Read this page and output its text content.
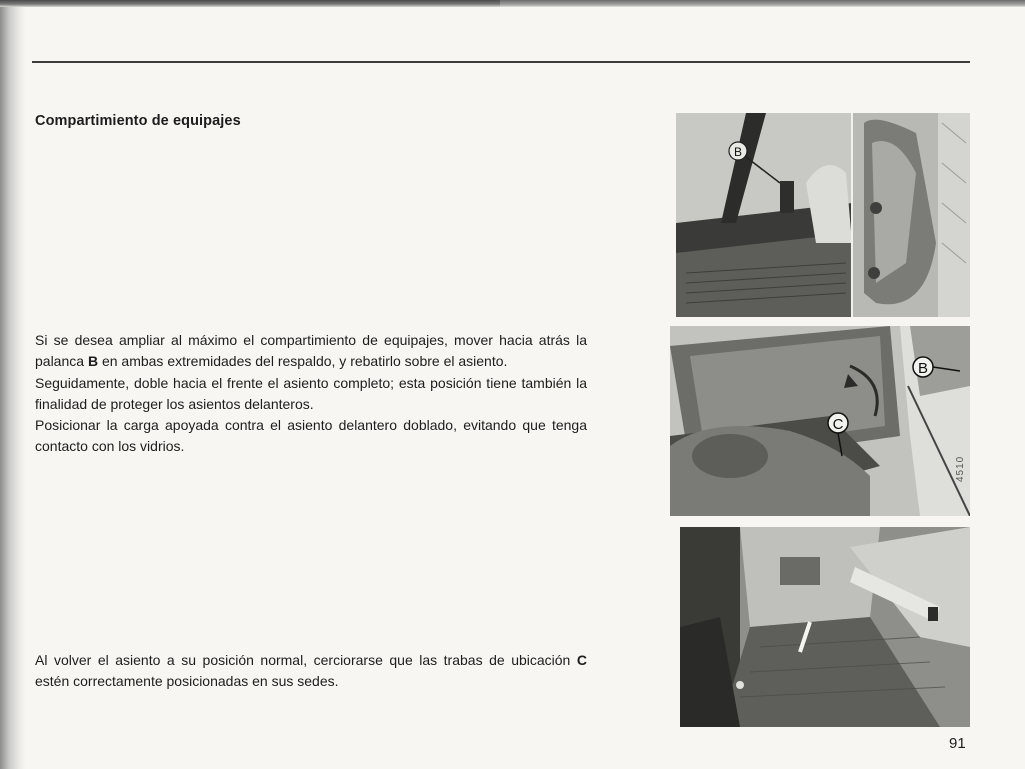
Compartimiento de equipajes

Si se desea ampliar al máximo el compartimiento de equipajes, mover hacia atrás la palanca B en ambas extremidades del respaldo, y rebatirlo sobre el asiento.

Seguidamente, doble hacia el frente el asiento completo; esta posición tiene también la finalidad de proteger los asientos delanteros.

Posicionar la carga apoyada contra el asiento delantero doblado, evitando que tenga contacto con los vidrios.

Al volver el asiento a su posición normal, cerciorarse que las trabas de ubicación C estén correctamente posicionadas en sus sedes.

B
B
C
4510

91
